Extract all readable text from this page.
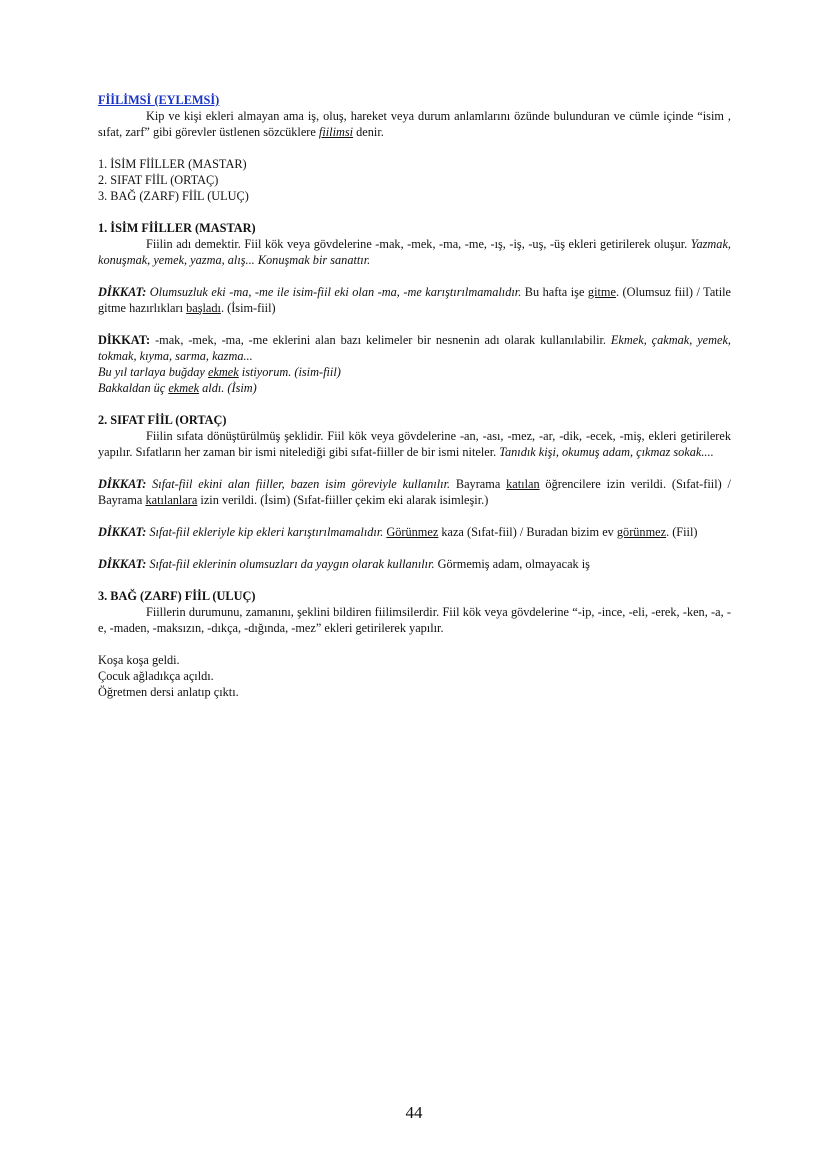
FİİLİMSİ (EYLEMSİ)

Kip ve kişi ekleri almayan ama iş, oluş, hareket veya durum anlamlarını özünde bulunduran ve cümle içinde “isim , sıfat, zarf” gibi görevler üstlenen sözcüklere fiilimsi denir.

1. İSİM FİİLLER (MASTAR)

2. SIFAT FİİL (ORTAÇ)

3. BAĞ (ZARF) FİİL (ULUÇ)

1. İSİM FİİLLER (MASTAR)

Fiilin adı demektir. Fiil kök veya gövdelerine -mak, -mek, -ma, -me, -ış, -iş, -uş, -üş ekleri getirilerek oluşur. Yazmak, konuşmak, yemek, yazma, alış... Konuşmak bir sanattır.

DİKKAT: Olumsuzluk eki -ma, -me ile isim-fiil eki olan -ma, -me karıştırılmamalıdır. Bu hafta işe gitme. (Olumsuz fiil) / Tatile gitme hazırlıkları başladı. (İsim-fiil)

DİKKAT: -mak, -mek, -ma, -me eklerini alan bazı kelimeler bir nesnenin adı olarak kullanılabilir. Ekmek, çakmak, yemek, tokmak, kıyma, sarma, kazma...

Bu yıl tarlaya buğday ekmek istiyorum. (isim-fiil)

Bakkaldan üç ekmek aldı. (İsim)

2. SIFAT FİİL (ORTAÇ)

Fiilin sıfata dönüştürülmüş şeklidir. Fiil kök veya gövdelerine -an, -ası, -mez, -ar, -dik, -ecek, -miş, ekleri getirilerek yapılır. Sıfatların her zaman bir ismi nitelediği gibi sıfat-fiiller de bir ismi niteler. Tanıdık kişi, okumuş adam, çıkmaz sokak....

DİKKAT: Sıfat-fiil ekini alan fiiller, bazen isim göreviyle kullanılır. Bayrama katılan öğrencilere izin verildi. (Sıfat-fiil) / Bayrama katılanlara izin verildi. (İsim) (Sıfat-fiiller çekim eki alarak isimleşir.)

DİKKAT: Sıfat-fiil ekleriyle kip ekleri karıştırılmamalıdır. Görünmez kaza (Sıfat-fiil) / Buradan bizim ev görünmez. (Fiil)

DİKKAT: Sıfat-fiil eklerinin olumsuzları da yaygın olarak kullanılır. Görmemiş adam, olmayacak iş

3. BAĞ (ZARF) FİİL (ULUÇ)

Fiillerin durumunu, zamanını, şeklini bildiren fiilimsilerdir. Fiil kök veya gövdelerine “-ip, -ince, -eli, -erek, -ken, -a, -e, -maden, -maksızın, -dıkça, -dığında, -mez” ekleri getirilerek yapılır.

Koşa koşa geldi.

Çocuk ağladıkça açıldı.

Öğretmen dersi anlatıp çıktı.

44
